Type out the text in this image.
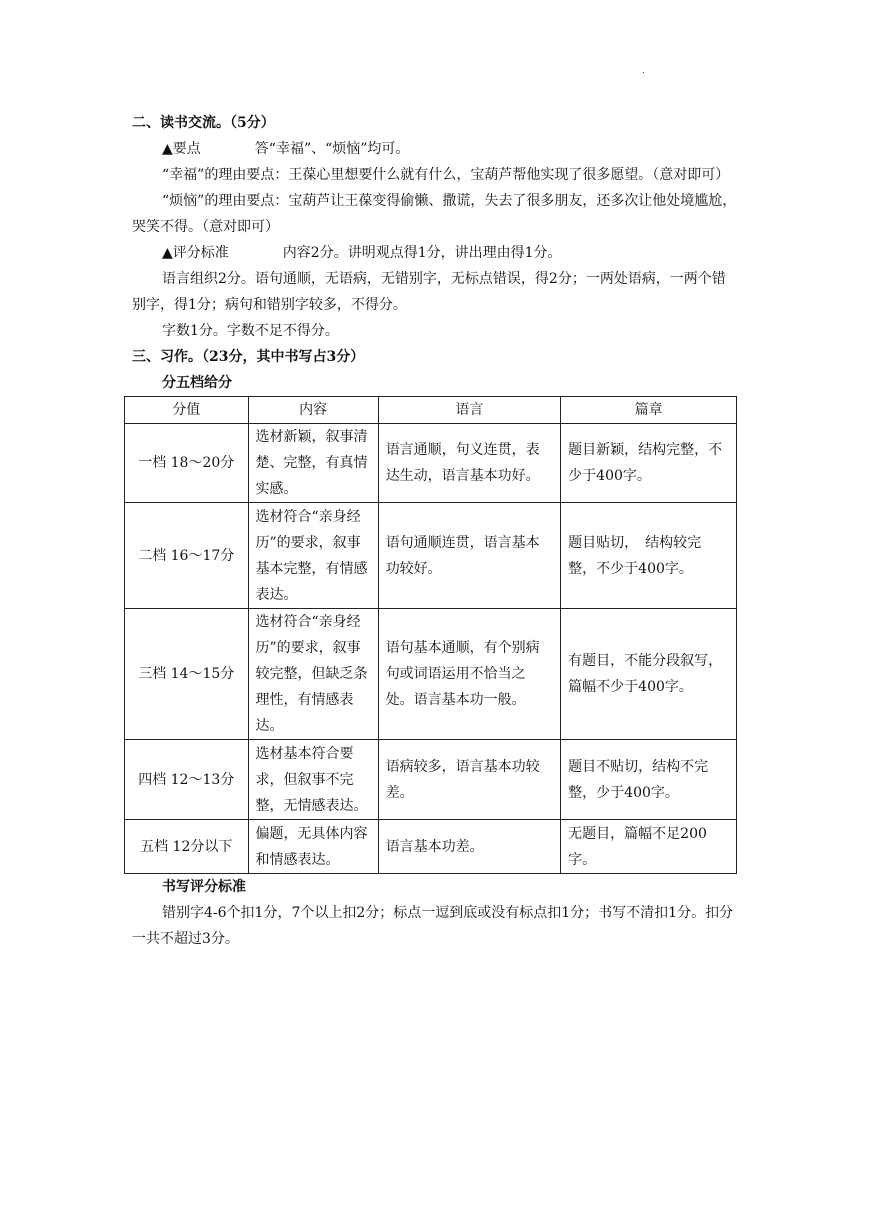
.
二、读书交流。（5分）

▲要点	答“幸福”、“烦恼”均可。

“幸福”的理由要点：王葆心里想要什么就有什么，宝葫芦帮他实现了很多愿望。（意对即可）

“烦恼”的理由要点：宝葫芦让王葆变得偷懒、撒谎，失去了很多朋友，还多次让他处境尴尬，哭笑不得。（意对即可）

▲评分标准	内容2分。讲明观点得1分，讲出理由得1分。

语言组织2分。语句通顺，无语病，无错别字，无标点错误，得2分；一两处语病，一两个错别字，得1分；病句和错别字较多，不得分。

字数1分。字数不足不得分。

三、习作。（23分，其中书写占3分）
分五档给分
分值	内容	语言	篇章
一档 18～20分	选材新颖，叙事清楚、完整，有真情实感。	语言通顺，句义连贯，表达生动，语言基本功好。	题目新颖，结构完整，不少于400字。
二档 16～17分	选材符合“亲身经历”的要求，叙事基本完整，有情感表达。	语句通顺连贯，语言基本功较好。	题目贴切，　结构较完整，不少于400字。
三档 14～15分	选材符合“亲身经历”的要求，叙事较完整，但缺乏条理性，有情感表达。	语句基本通顺，有个别病句或词语运用不恰当之处。语言基本功一般。	有题目，不能分段叙写，篇幅不少于400字。
四档 12～13分	选材基本符合要求，但叙事不完整，无情感表达。	语病较多，语言基本功较差。	题目不贴切，结构不完整，少于400字。
五档 12分以下	偏题，无具体内容和情感表达。	语言基本功差。	无题目，篇幅不足200字。
书写评分标准

错别字4-6个扣1分，7个以上扣2分；标点一逗到底或没有标点扣1分；书写不清扣1分。扣分一共不超过3分。
